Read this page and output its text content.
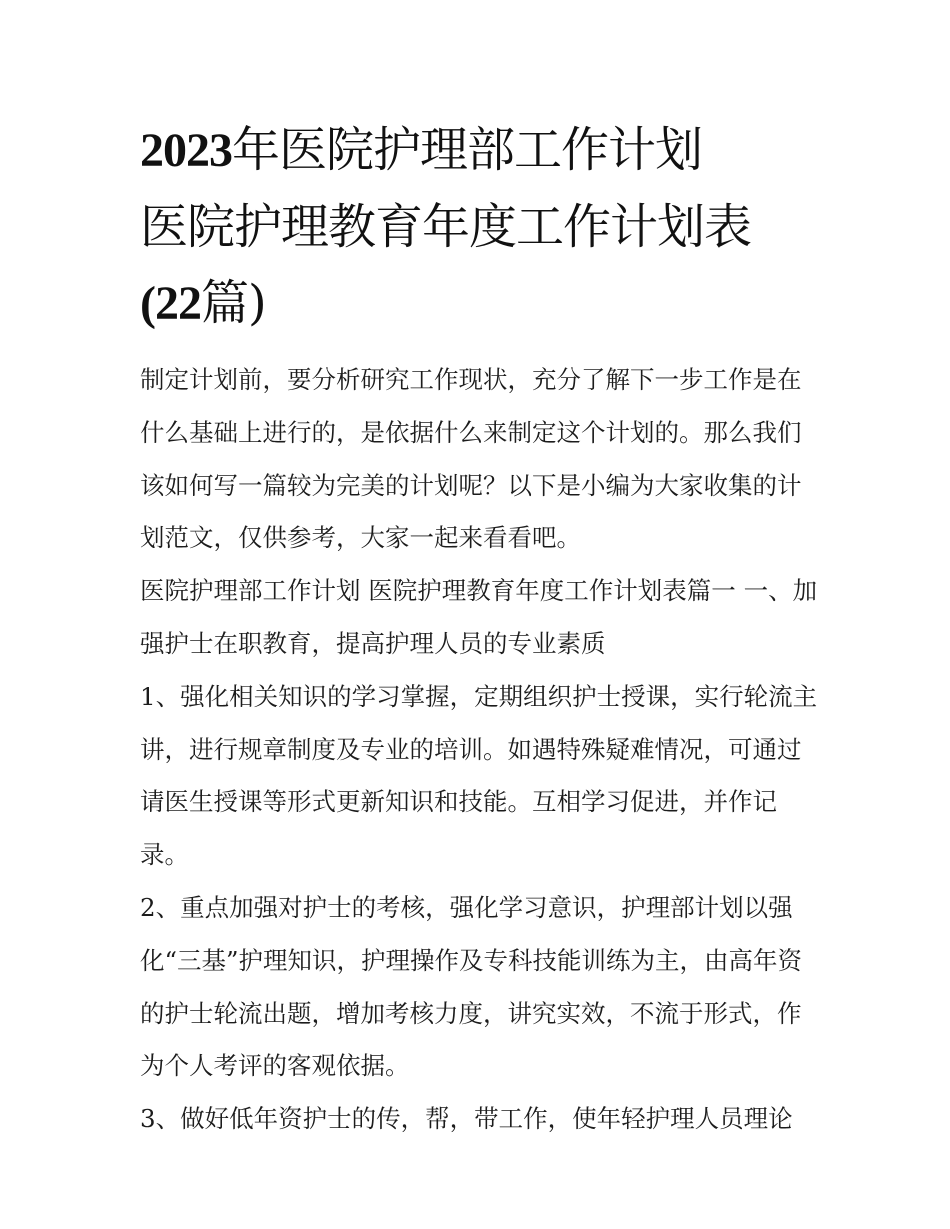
2023年医院护理部工作计划
医院护理教育年度工作计划表
(22篇)

制定计划前，要分析研究工作现状，充分了解下一步工作是在什么基础上进行的，是依据什么来制定这个计划的。那么我们该如何写一篇较为完美的计划呢？以下是小编为大家收集的计划范文，仅供参考，大家一起来看看吧。

医院护理部工作计划 医院护理教育年度工作计划表篇一 一、加强护士在职教育，提高护理人员的专业素质

1、强化相关知识的学习掌握，定期组织护士授课，实行轮流主讲，进行规章制度及专业的培训。如遇特殊疑难情况，可通过请医生授课等形式更新知识和技能。互相学习促进，并作记录。

2、重点加强对护士的考核，强化学习意识，护理部计划以强化“三基”护理知识，护理操作及专科技能训练为主，由高年资的护士轮流出题，增加考核力度，讲究实效，不流于形式，作为个人考评的客观依据。

3、做好低年资护士的传，帮，带工作，使年轻护理人员理论
